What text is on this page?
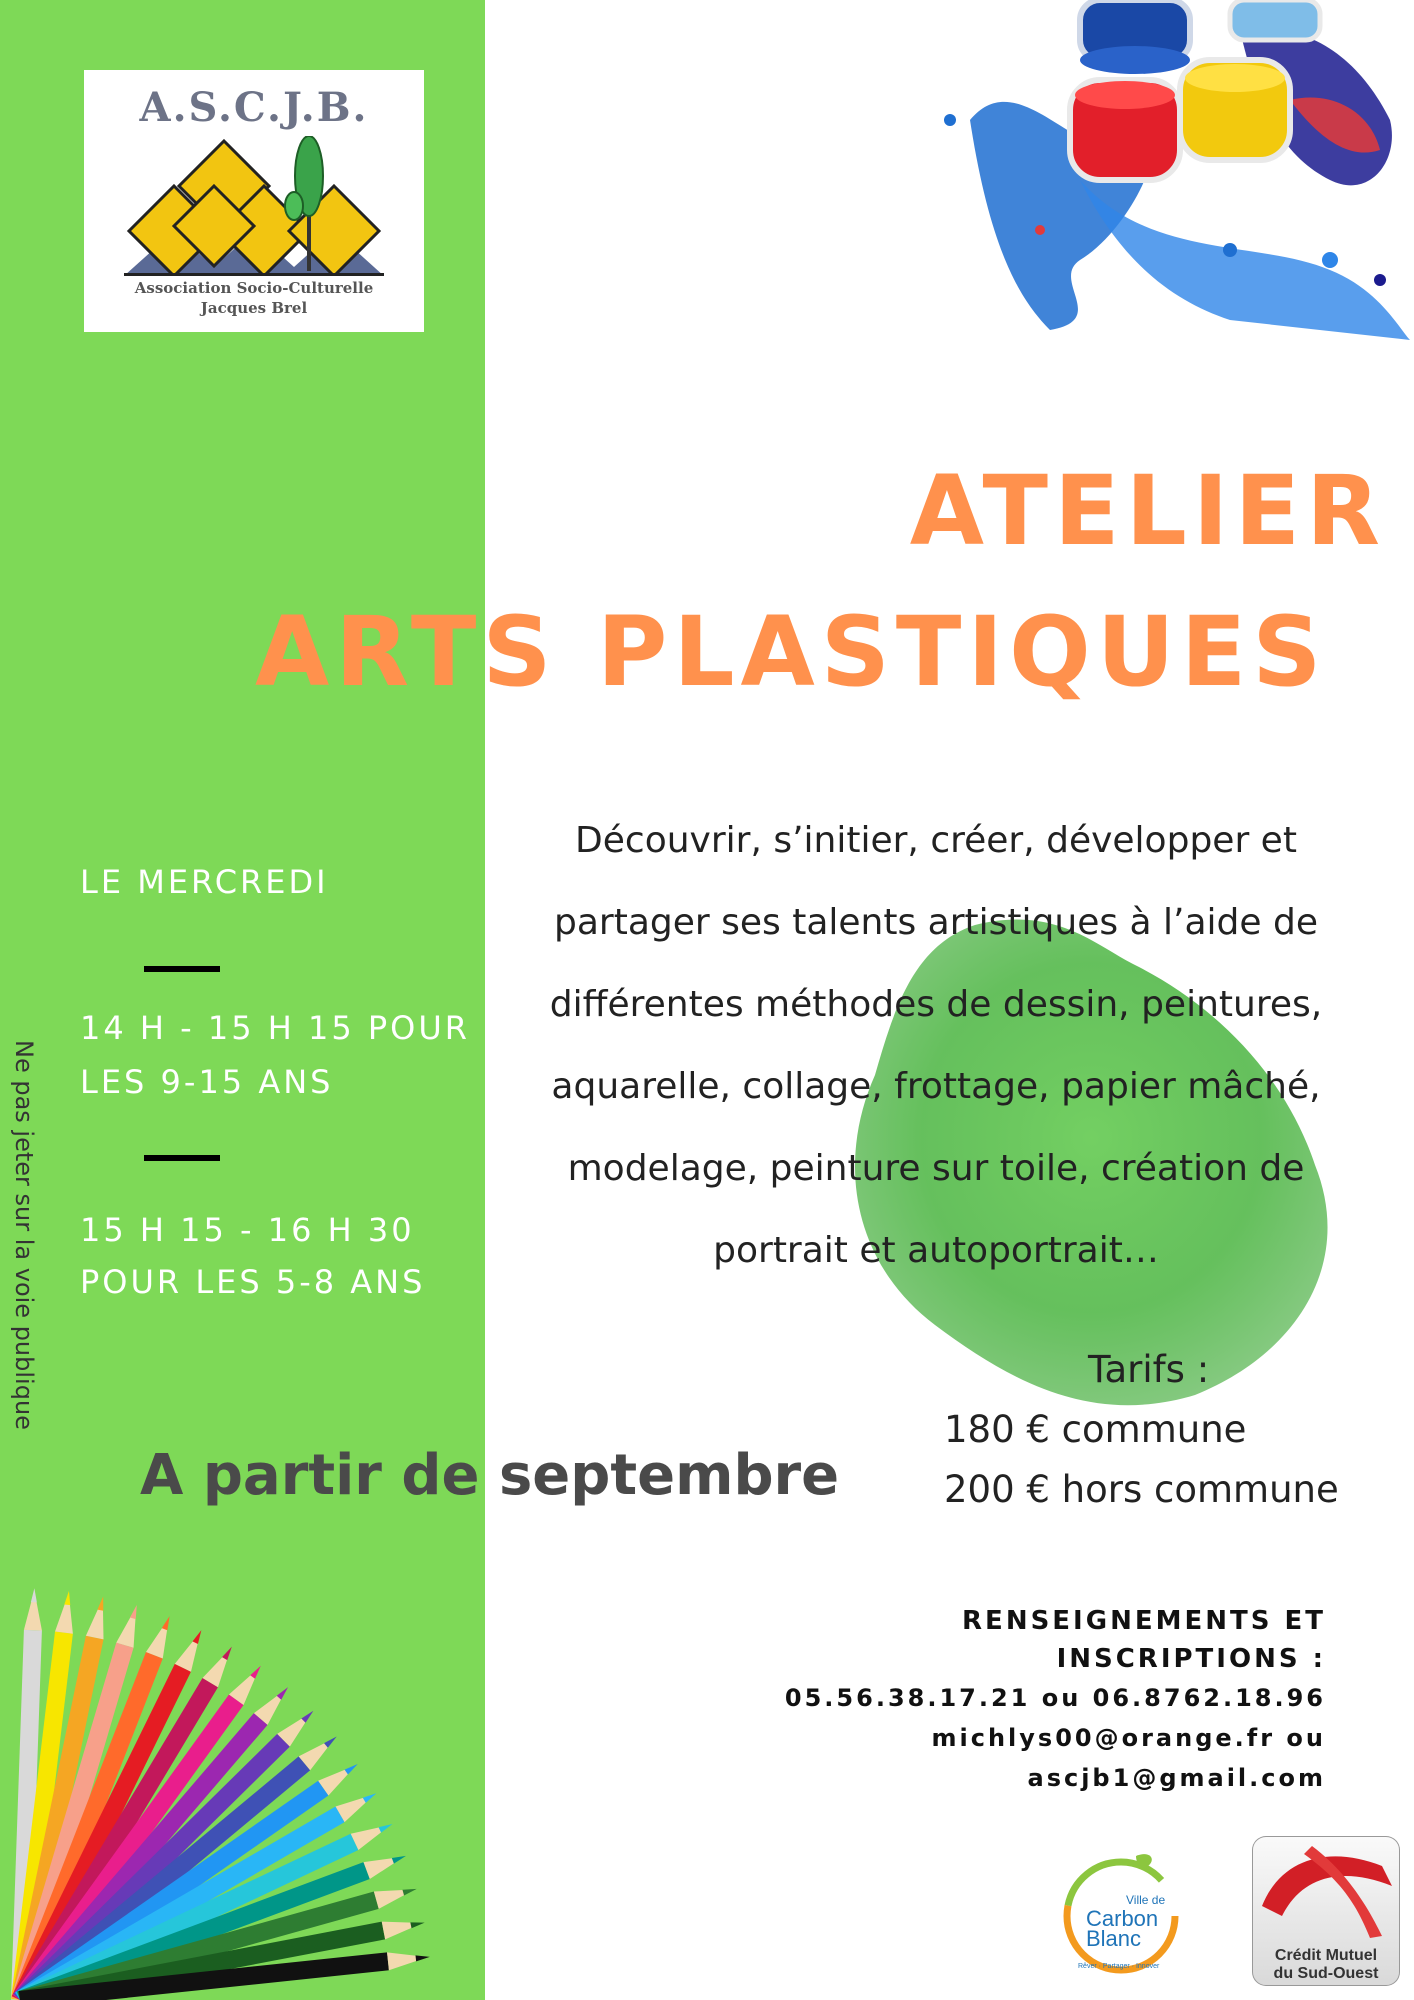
A.S.C.J.B.
Association Socio-Culturelle
Jacques Brel
ATELIER
ARTS PLASTIQUES
LE MERCREDI
14 H - 15 H 15 POUR
LES 9-15 ANS
15 H 15 - 16 H 30
POUR LES 5-8 ANS
Ne pas jeter sur la voie publique
Découvrir, s’initier, créer, développer et
partager ses talents artistiques à l’aide de
différentes méthodes de dessin, peintures,
aquarelle, collage, frottage, papier mâché,
modelage, peinture sur toile, création de
portrait et autoportrait…
A partir de septembre
Tarifs :
180 € commune
200 € hors commune
RENSEIGNEMENTS ET
INSCRIPTIONS :
05.56.38.17.21 ou 06.8762.18.96
michlys00@orange.fr ou
ascjb1@gmail.com
Ville de
Carbon
Blanc
Rêver · Partager · Innover
Crédit Mutuel
du Sud-Ouest
